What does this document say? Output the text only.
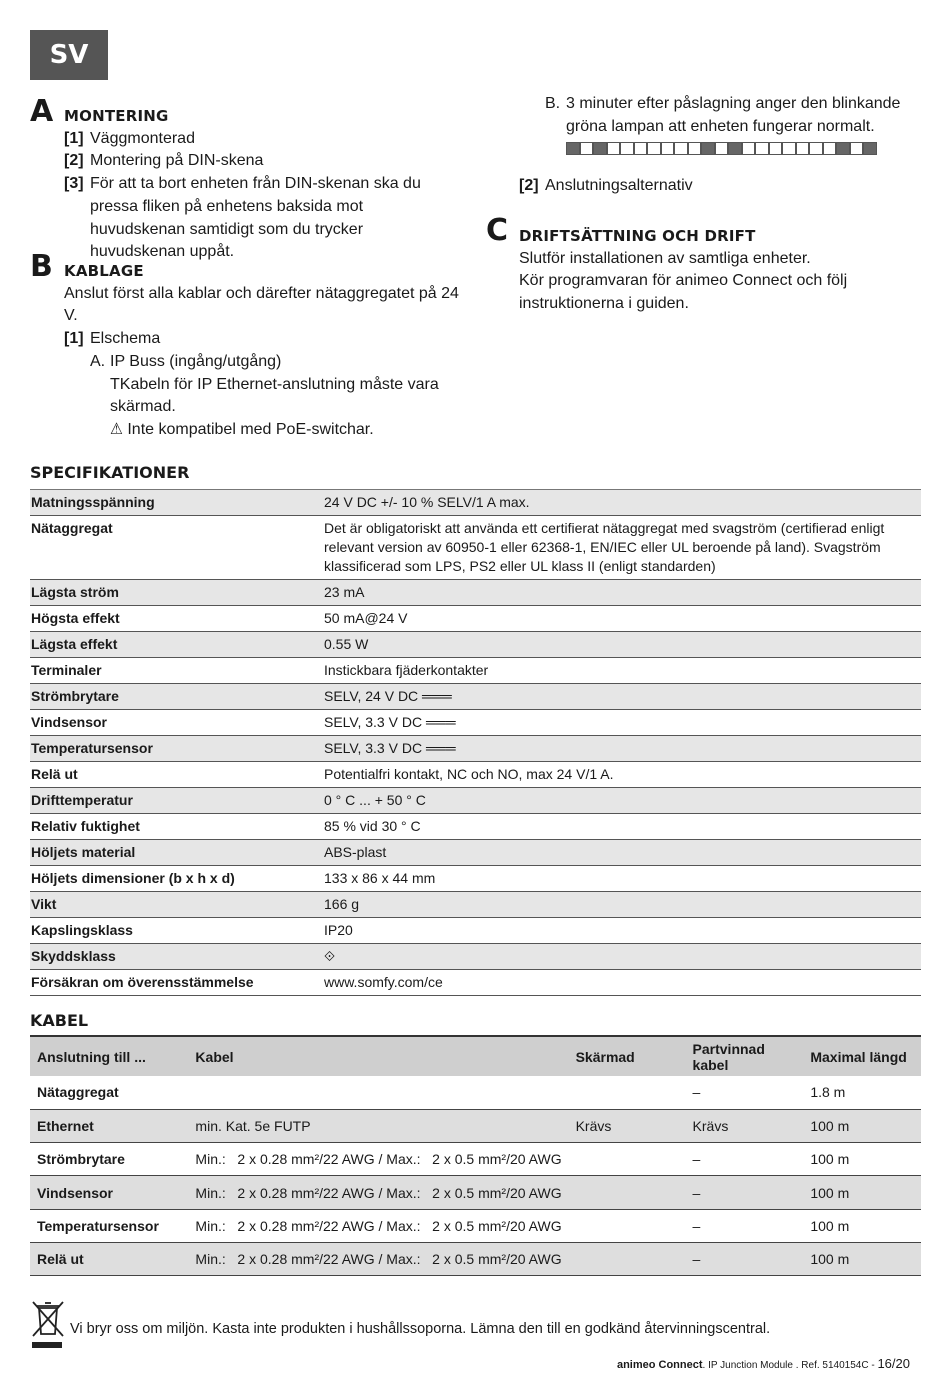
SV
A MONTERING
[1] Väggmonterad
[2] Montering på DIN-skena
[3] För att ta bort enheten från DIN-skenan ska du pressa fliken på enhetens baksida mot huvudskenan samtidigt som du trycker huvudskenan uppåt.
B KABLAGE
Anslut först alla kablar och därefter nätaggregatet på 24 V.
[1] Elschema
A. IP Buss (ingång/utgång)
TKabeln för IP Ethernet-anslutning måste vara skärmad.
⚠ Inte kompatibel med PoE-switchar.
B. 3 minuter efter påslagning anger den blinkande gröna lampan att enheten fungerar normalt.
[2] Anslutningsalternativ
C DRIFTSÄTTNING OCH DRIFT
Slutför installationen av samtliga enheter.
Kör programvaran för animeo Connect och följ instruktionerna i guiden.
SPECIFIKATIONER
Matningsspänning	24 V DC +/- 10 % SELV/1 A max.
Nätaggregat	Det är obligatoriskt att använda ett certifierat nätaggregat med svagström (certifierad enligt relevant version av 60950-1 eller 62368-1, EN/IEC eller UL beroende på land). Svagström klassificerad som LPS, PS2 eller UL klass II (enligt standarden)
Lägsta ström	23 mA
Högsta effekt	50 mA@24 V
Lägsta effekt	0.55 W
Terminaler	Instickbara fjäderkontakter
Strömbrytare	SELV, 24 V DC ═══
Vindsensor	SELV, 3.3 V DC ═══
Temperatursensor	SELV, 3.3 V DC ═══
Relä ut	Potentialfri kontakt, NC och NO, max 24 V/1 A.
Drifttemperatur	0 ° C ... + 50 ° C
Relativ fuktighet	85 % vid 30 ° C
Höljets material	ABS-plast
Höljets dimensioner (b x h x d)	133 x 86 x 44 mm
Vikt	166 g
Kapslingsklass	IP20
Skyddsklass	⟐
Försäkran om överensstämmelse	www.somfy.com/ce
KABEL
Anslutning till ...	Kabel	Skärmad	Partvinnad kabel	Maximal längd
Nätaggregat			–	1.8 m
Ethernet	min. Kat. 5e FUTP	Krävs	Krävs	100 m
Strömbrytare	Min.:   2 x 0.28 mm²/22 AWG / Max.:   2 x 0.5 mm²/20 AWG		–	100 m
Vindsensor	Min.:   2 x 0.28 mm²/22 AWG / Max.:   2 x 0.5 mm²/20 AWG		–	100 m
Temperatursensor	Min.:   2 x 0.28 mm²/22 AWG / Max.:   2 x 0.5 mm²/20 AWG		–	100 m
Relä ut	Min.:   2 x 0.28 mm²/22 AWG / Max.:   2 x 0.5 mm²/20 AWG		–	100 m
Vi bryr oss om miljön. Kasta inte produkten i hushållssoporna. Lämna den till en godkänd återvinningscentral.
animeo Connect. IP Junction Module . Ref. 5140154C - 16/20
